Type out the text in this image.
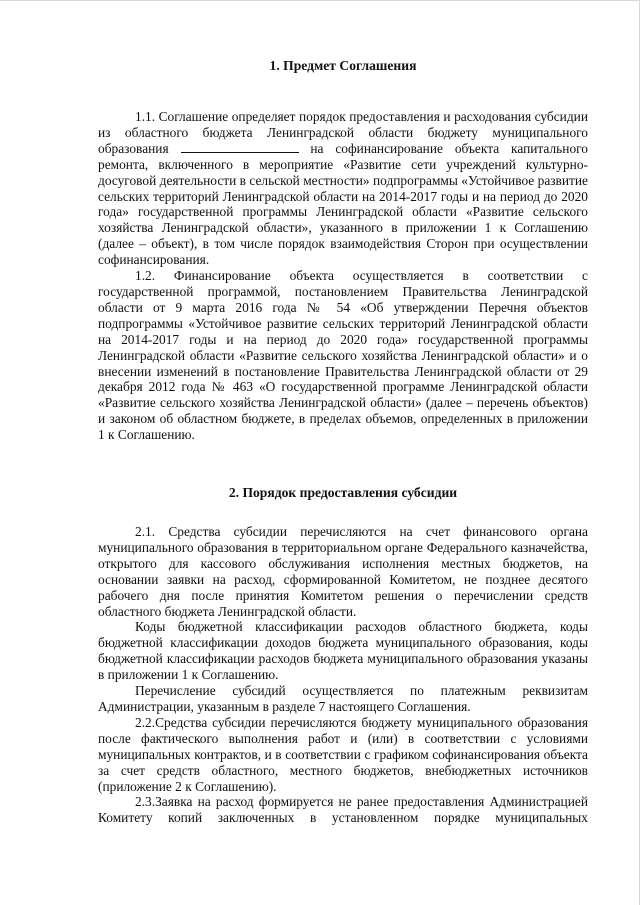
1. Предмет Соглашения

1.1. Соглашение определяет порядок предоставления и расходования субсидии из областного бюджета Ленинградской области бюджету муниципального образования	на софинансирование объекта капитального ремонта, включенного в мероприятие «Развитие сети учреждений культурно-досуговой деятельности в сельской местности» подпрограммы «Устойчивое развитие сельских территорий Ленинградской области на 2014-2017 годы и на период до 2020 года» государственной программы Ленинградской области «Развитие сельского хозяйства Ленинградской области», указанного в приложении 1 к Соглашению (далее – объект), в том числе порядок взаимодействия Сторон при осуществлении софинансирования.

1.2. Финансирование объекта осуществляется в соответствии с государственной программой, постановлением Правительства Ленинградской области от 9 марта 2016 года № 54 «Об утверждении Перечня объектов подпрограммы «Устойчивое развитие сельских территорий Ленинградской области на 2014-2017 годы и на период до 2020 года» государственной программы Ленинградской области «Развитие сельского хозяйства Ленинградской области» и о внесении изменений в постановление Правительства Ленинградской области от 29 декабря 2012 года № 463 «О государственной программе Ленинградской области «Развитие сельского хозяйства Ленинградской области» (далее – перечень объектов) и законом об областном бюджете, в пределах объемов, определенных в приложении 1 к Соглашению.

2. Порядок предоставления субсидии

2.1. Средства субсидии перечисляются на счет финансового органа муниципального образования в территориальном органе Федерального казначейства, открытого для кассового обслуживания исполнения местных бюджетов, на основании заявки на расход, сформированной Комитетом, не позднее десятого рабочего дня после принятия Комитетом решения о перечислении средств областного бюджета Ленинградской области.

Коды бюджетной классификации расходов областного бюджета, коды бюджетной классификации доходов бюджета муниципального образования, коды бюджетной классификации расходов бюджета муниципального образования указаны в приложении 1 к Соглашению.

Перечисление субсидий осуществляется по платежным реквизитам Администрации, указанным в разделе 7 настоящего Соглашения.

2.2.Средства субсидии перечисляются бюджету муниципального образования после фактического выполнения работ и (или) в соответствии с условиями муниципальных контрактов, и в соответствии с графиком софинансирования объекта за счет средств областного, местного бюджетов, внебюджетных источников (приложение 2 к Соглашению).

2.3.Заявка на расход формируется не ранее предоставления Администрацией Комитету копий заключенных в установленном порядке муниципальных
